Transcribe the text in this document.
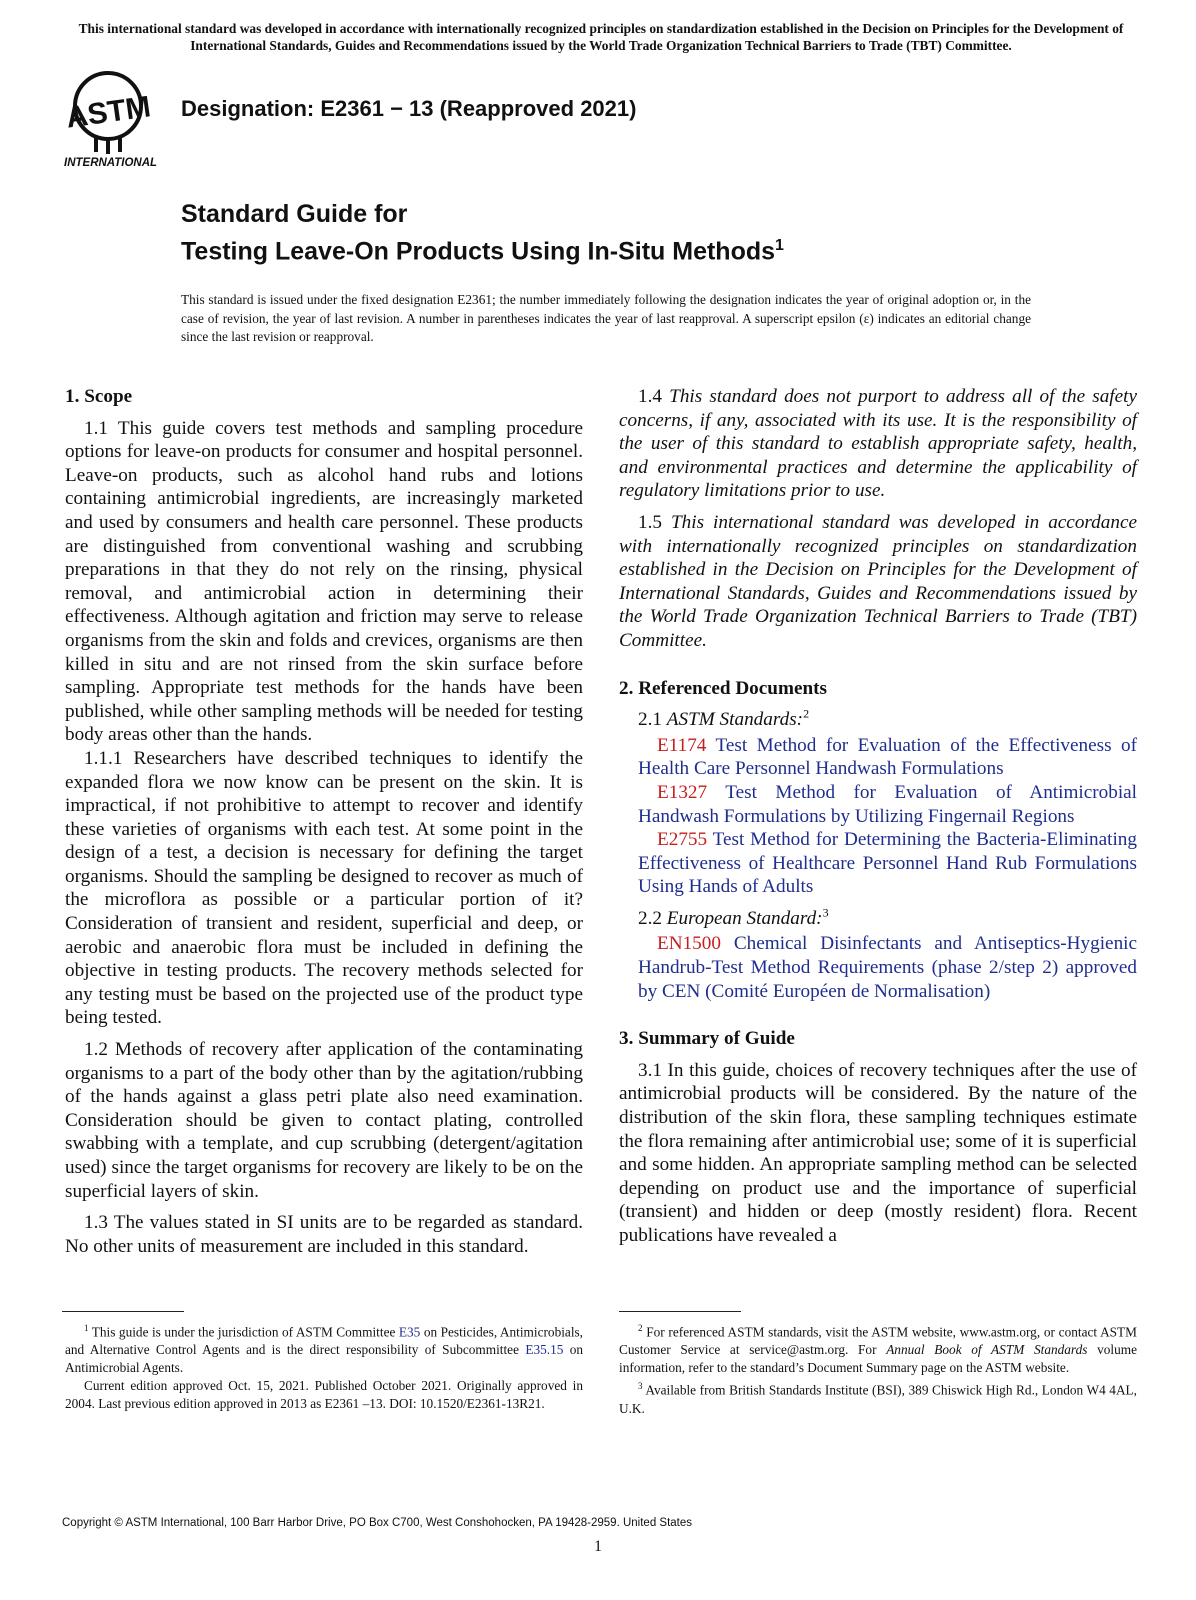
This international standard was developed in accordance with internationally recognized principles on standardization established in the Decision on Principles for the Development of International Standards, Guides and Recommendations issued by the World Trade Organization Technical Barriers to Trade (TBT) Committee.
ASTM
INTERNATIONAL
Designation: E2361 − 13 (Reapproved 2021)
Standard Guide for
Testing Leave-On Products Using In-Situ Methods$^1$
This standard is issued under the fixed designation E2361; the number immediately following the designation indicates the year of original adoption or, in the case of revision, the year of last revision. A number in parentheses indicates the year of last reapproval. A superscript epsilon (ε) indicates an editorial change since the last revision or reapproval.
1. Scope

1.1 This guide covers test methods and sampling procedure options for leave-on products for consumer and hospital personnel. Leave-on products, such as alcohol hand rubs and lotions containing antimicrobial ingredients, are increasingly marketed and used by consumers and health care personnel. These products are distinguished from conventional washing and scrubbing preparations in that they do not rely on the rinsing, physical removal, and antimicrobial action in determining their effectiveness. Although agitation and friction may serve to release organisms from the skin and folds and crevices, organisms are then killed in situ and are not rinsed from the skin surface before sampling. Appropriate test methods for the hands have been published, while other sampling methods will be needed for testing body areas other than the hands.

1.1.1 Researchers have described techniques to identify the expanded flora we now know can be present on the skin. It is impractical, if not prohibitive to attempt to recover and identify these varieties of organisms with each test. At some point in the design of a test, a decision is necessary for defining the target organisms. Should the sampling be designed to recover as much of the microflora as possible or a particular portion of it? Consideration of transient and resident, superficial and deep, or aerobic and anaerobic flora must be included in defining the objective in testing products. The recovery methods selected for any testing must be based on the projected use of the product type being tested.

1.2 Methods of recovery after application of the contaminating organisms to a part of the body other than by the agitation/rubbing of the hands against a glass petri plate also need examination. Consideration should be given to contact plating, controlled swabbing with a template, and cup scrubbing (detergent/agitation used) since the target organisms for recovery are likely to be on the superficial layers of skin.

1.3 The values stated in SI units are to be regarded as standard. No other units of measurement are included in this standard.

1.4 This standard does not purport to address all of the safety concerns, if any, associated with its use. It is the responsibility of the user of this standard to establish appropriate safety, health, and environmental practices and determine the applicability of regulatory limitations prior to use.

1.5 This international standard was developed in accordance with internationally recognized principles on standardization established in the Decision on Principles for the Development of International Standards, Guides and Recommendations issued by the World Trade Organization Technical Barriers to Trade (TBT) Committee.

2. Referenced Documents

2.1 ASTM Standards:$^2$

E1174 Test Method for Evaluation of the Effectiveness of Health Care Personnel Handwash Formulations

E1327 Test Method for Evaluation of Antimicrobial Handwash Formulations by Utilizing Fingernail Regions

E2755 Test Method for Determining the Bacteria-Eliminating Effectiveness of Healthcare Personnel Hand Rub Formulations Using Hands of Adults

2.2 European Standard:$^3$

EN1500 Chemical Disinfectants and Antiseptics-Hygienic Handrub-Test Method Requirements (phase 2/step 2) approved by CEN (Comité Européen de Normalisation)

3. Summary of Guide

3.1 In this guide, choices of recovery techniques after the use of antimicrobial products will be considered. By the nature of the distribution of the skin flora, these sampling techniques estimate the flora remaining after antimicrobial use; some of it is superficial and some hidden. An appropriate sampling method can be selected depending on product use and the importance of superficial (transient) and hidden or deep (mostly resident) flora. Recent publications have revealed a

$^1$ This guide is under the jurisdiction of ASTM Committee E35 on Pesticides, Antimicrobials, and Alternative Control Agents and is the direct responsibility of Subcommittee E35.15 on Antimicrobial Agents.

Current edition approved Oct. 15, 2021. Published October 2021. Originally approved in 2004. Last previous edition approved in 2013 as E2361 –13. DOI: 10.1520/E2361-13R21.

$^2$ For referenced ASTM standards, visit the ASTM website, www.astm.org, or contact ASTM Customer Service at service@astm.org. For Annual Book of ASTM Standards volume information, refer to the standard’s Document Summary page on the ASTM website.

$^3$ Available from British Standards Institute (BSI), 389 Chiswick High Rd., London W4 4AL, U.K.

Copyright © ASTM International, 100 Barr Harbor Drive, PO Box C700, West Conshohocken, PA 19428-2959. United States
1
